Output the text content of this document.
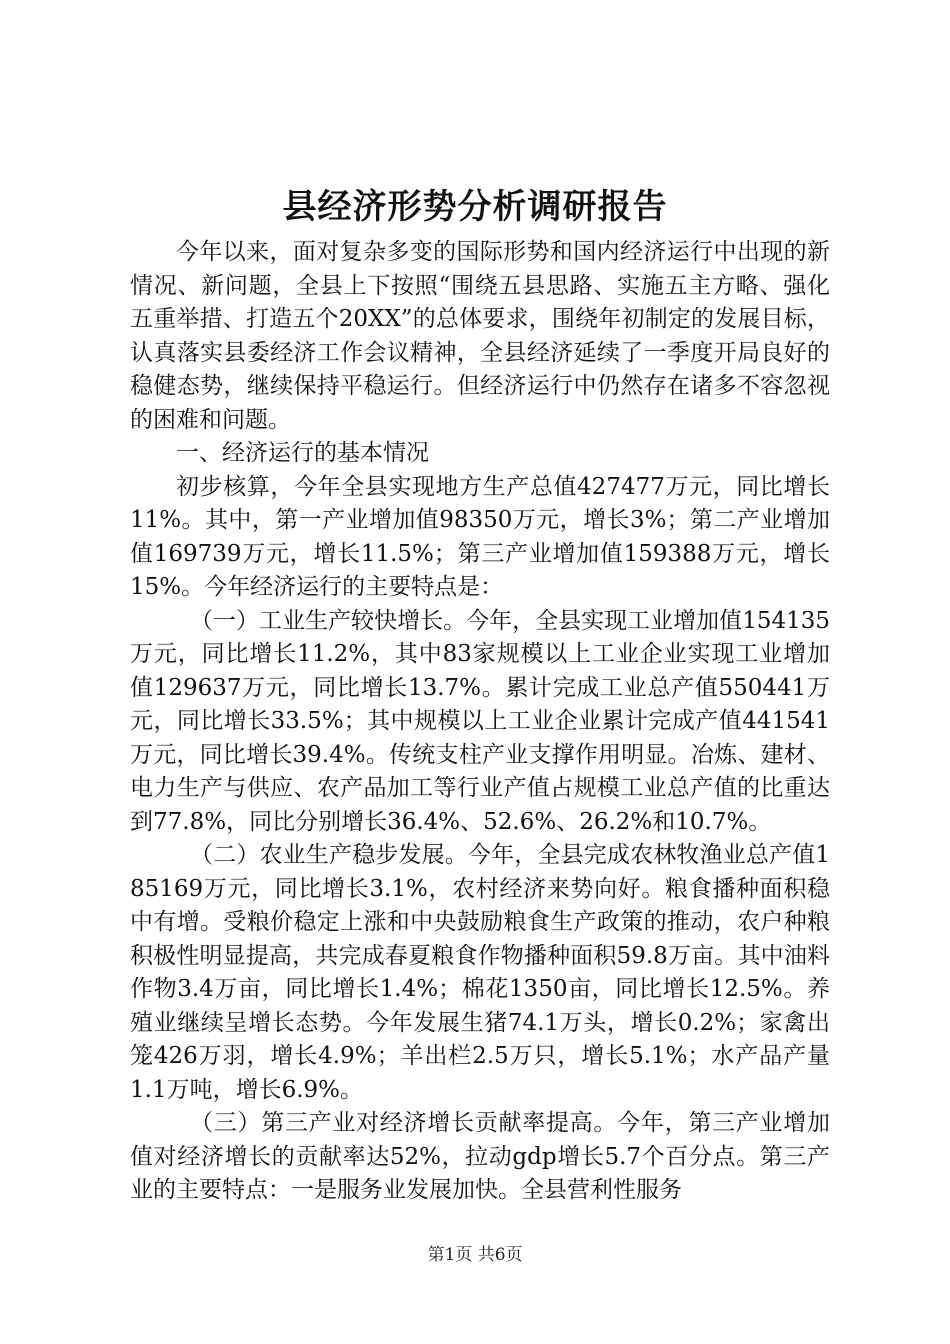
县经济形势分析调研报告

今年以来，面对复杂多变的国际形势和国内经济运行中出现的新情况、新问题，全县上下按照“围绕五县思路、实施五主方略、强化五重举措、打造五个20XX”的总体要求，围绕年初制定的发展目标，认真落实县委经济工作会议精神，全县经济延续了一季度开局良好的稳健态势，继续保持平稳运行。但经济运行中仍然存在诸多不容忽视的困难和问题。

一、经济运行的基本情况

初步核算，今年全县实现地方生产总值427477万元，同比增长11%。其中，第一产业增加值98350万元，增长3%；第二产业增加值169739万元，增长11.5%；第三产业增加值159388万元，增长15%。今年经济运行的主要特点是：

（一）工业生产较快增长。今年，全县实现工业增加值154135万元，同比增长11.2%，其中83家规模以上工业企业实现工业增加值129637万元，同比增长13.7%。累计完成工业总产值550441万元，同比增长33.5%；其中规模以上工业企业累计完成产值441541万元，同比增长39.4%。传统支柱产业支撑作用明显。冶炼、建材、电力生产与供应、农产品加工等行业产值占规模工业总产值的比重达到77.8%，同比分别增长36.4%、52.6%、26.2%和10.7%。

（二）农业生产稳步发展。今年，全县完成农林牧渔业总产值185169万元，同比增长3.1%，农村经济来势向好。粮食播种面积稳中有增。受粮价稳定上涨和中央鼓励粮食生产政策的推动，农户种粮积极性明显提高，共完成春夏粮食作物播种面积59.8万亩。其中油料作物3.4万亩，同比增长1.4%；棉花1350亩，同比增长12.5%。养殖业继续呈增长态势。今年发展生猪74.1万头，增长0.2%；家禽出笼426万羽，增长4.9%；羊出栏2.5万只，增长5.1%；水产品产量1.1万吨，增长6.9%。

（三）第三产业对经济增长贡献率提高。今年，第三产业增加值对经济增长的贡献率达52%，拉动gdp增长5.7个百分点。第三产业的主要特点：一是服务业发展加快。全县营利性服务

第1页 共6页
